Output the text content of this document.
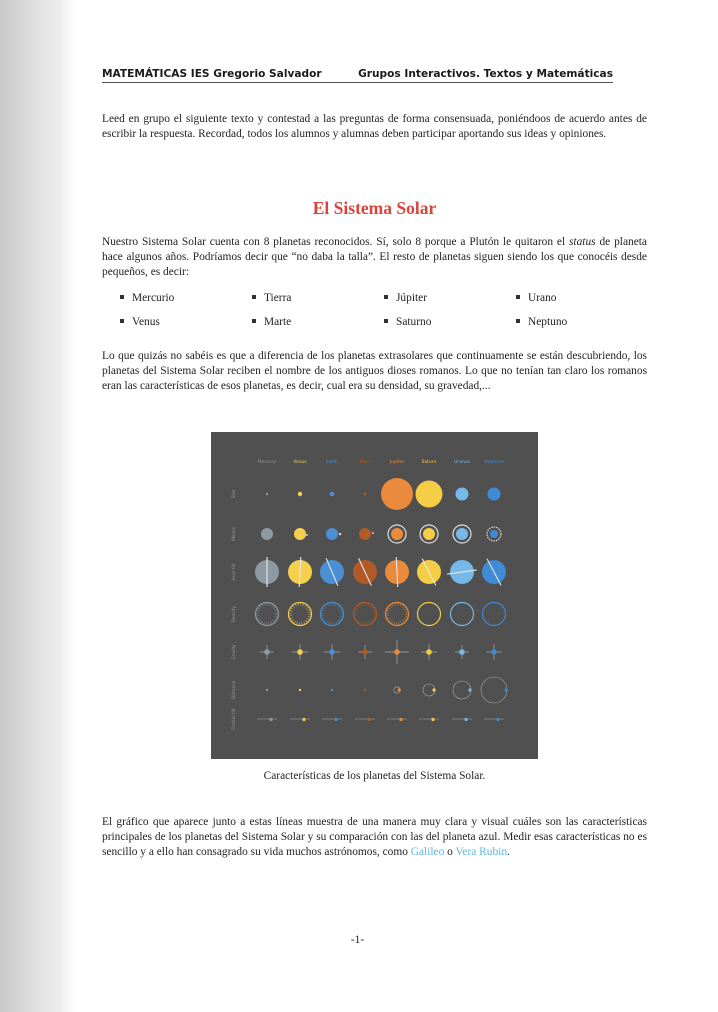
MATEMÁTICAS IES Gregorio Salvador	Grupos Interactivos. Textos y Matemáticas
Leed en grupo el siguiente texto y contestad a las preguntas de forma consensuada, poniéndoos de acuerdo antes de escribir la respuesta. Recordad, todos los alumnos y alumnas deben participar aportando sus ideas y opiniones.
El Sistema Solar
Nuestro Sistema Solar cuenta con 8 planetas reconocidos. Sí, solo 8 porque a Plutón le quitaron el status de planeta hace algunos años. Podríamos decir que “no daba la talla”. El resto de planetas siguen siendo los que conocéis desde pequeños, es decir:
Mercurio	Tierra	Júpiter	Urano
Venus	Marte	Saturno	Neptuno
Lo que quizás no sabéis es que a diferencia de los planetas extrasolares que continuamente se están descubriendo, los planetas del Sistema Solar reciben el nombre de los antiguos dioses romanos. Lo que no tenían tan claro los romanos eran las características de esos planetas, es decir, cual era su densidad, su gravedad,...
Mercury	Venus	Earth	Mars	Jupiter	Saturn	Uranus	Neptune
Size
Moons
Axial tilt
Density
Gravity
Distance
Orbital tilt
Características de los planetas del Sistema Solar.
El gráfico que aparece junto a estas líneas muestra de una manera muy clara y visual cuáles son las características principales de los planetas del Sistema Solar y su comparación con las del planeta azul. Medir esas características no es sencillo y a ello han consagrado su vida muchos astrónomos, como Galileo o Vera Rubin.
-1-
